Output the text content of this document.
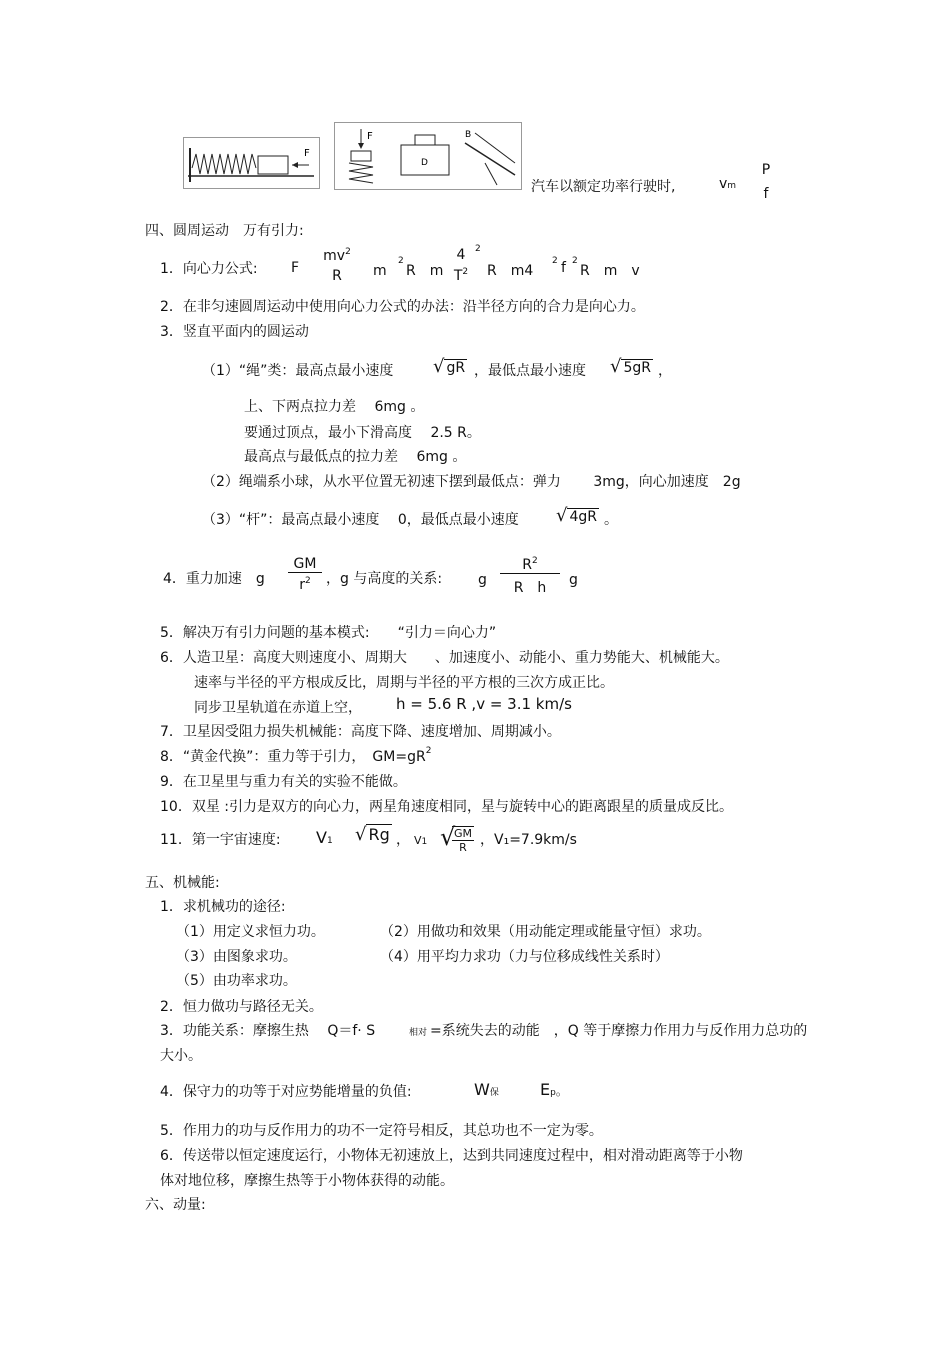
F
F
D
B
汽车以额定功率行驶时,	vm
P
f
四、圆周运动　万有引力:
1．向心力公式: F
$mv^2$
R	m　
2
R　m
4
$T^2$
2
R　m4　
2 f 2
R　m　v
2．在非匀速圆周运动中使用向心力公式的办法：沿半径方向的合力是向心力。
3．竖直平面内的圆运动
（1）“绳”类：最高点最小速度 √ gR ，最低点最小速度 √ 5gR ，
上、下两点拉力差　 6mg 。
要通过顶点，最小下滑高度　 2.5 R。
最高点与最低点的拉力差　 6mg 。
（2）绳端系小球，从水平位置无初速下摆到最低点：弹力　　 3mg，向心加速度　2g
（3）“杆”：最高点最小速度　 0，最低点最小速度 √ 4gR 。
4．重力加速　g $\frac{GM}{r^2}$ ，g 与高度的关系:	g $\frac{R^2}{\text{R　h}}$ g
5．解决万有引力问题的基本模式:　　“引力＝向心力”
6．人造卫星：高度大则速度小、周期大　　、加速度小、动能小、重力势能大、机械能大。
速率与半径的平方根成反比，周期与半径的平方根的三次方成正比。
同步卫星轨道在赤道上空， h = 5.6 R ,v = 3.1 km/s
7．卫星因受阻力损失机械能：高度下降、速度增加、周期减小。
8．“黄金代换”：重力等于引力，　$GM=gR^2$
9．在卫星里与重力有关的实验不能做。
10．双星 :引力是双方的向心力，两星角速度相同，星与旋转中心的距离跟星的质量成反比。
11．第一宇宙速度: V1 √ Rg ， V1 √
$\frac{GM}{R}$ ，V₁=7.9km/s
五、机械能:
1．求机械功的途径:
（1）用定义求恒力功。	（2）用做功和效果（用动能定理或能量守恒）求功。
（3）由图象求功。	（4）用平均力求功（力与位移成线性关系时）
（5）由功率求功。
2．恒力做功与路径无关。
3．功能关系：摩擦生热　 Q＝f· S	相对 =系统失去的动能　，Q 等于摩擦力作用力与反作用力总功的
大小。
4．保守力的功等于对应势能增量的负值:	W保	Ep。
5．作用力的功与反作用力的功不一定符号相反，其总功也不一定为零。
6．传送带以恒定速度运行，小物体无初速放上，达到共同速度过程中，相对滑动距离等于小物
体对地位移，摩擦生热等于小物体获得的动能。
六、动量:
